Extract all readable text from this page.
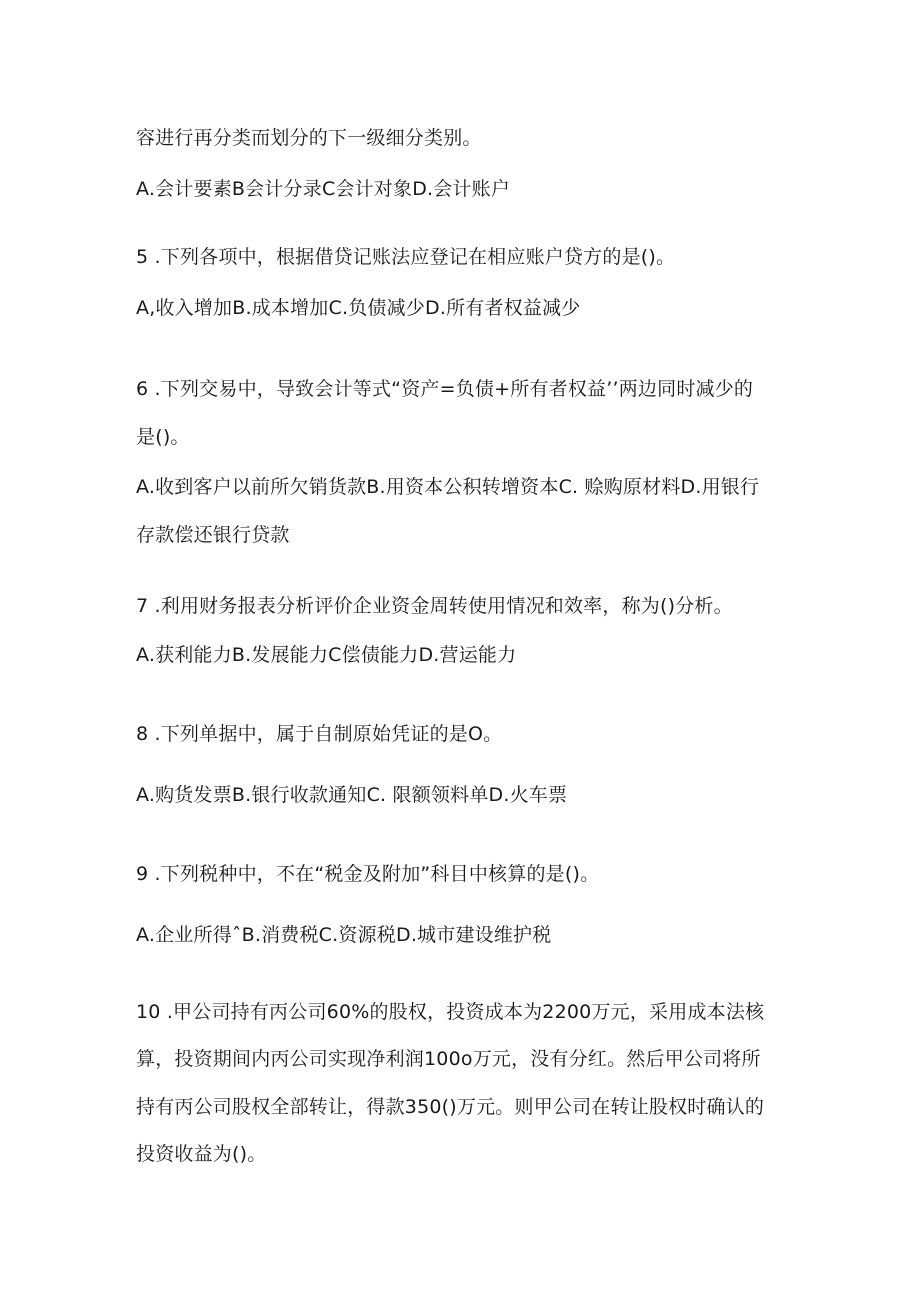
容进行再分类而划分的下一级细分类别。
A.会计要素B会计分录C会计对象D.会计账户
5 .下列各项中，根据借贷记账法应登记在相应账户贷方的是()。
A,收入增加B.成本增加C.负债减少D.所有者权益减少
6 .下列交易中，导致会计等式“资产=负债+所有者权益’’两边同时减少的
是()。
A.收到客户以前所欠销货款B.用资本公积转增资本C. 赊购原材料D.用银行
存款偿还银行贷款
7 .利用财务报表分析评价企业资金周转使用情况和效率，称为()分析。
A.获利能力B.发展能力C偿债能力D.营运能力
8 .下列单据中，属于自制原始凭证的是O。
A.购货发票B.银行收款通知C. 限额领料单D.火车票
9 .下列税种中，不在“税金及附加”科目中核算的是()。
A.企业所得ˆB.消费税C.资源税D.城市建设维护税
10 .甲公司持有丙公司60%的股权，投资成本为2200万元，采用成本法核
算，投资期间内丙公司实现净利润100o万元，没有分红。然后甲公司将所
持有丙公司股权全部转让，得款350()万元。则甲公司在转让股权时确认的
投资收益为()。
